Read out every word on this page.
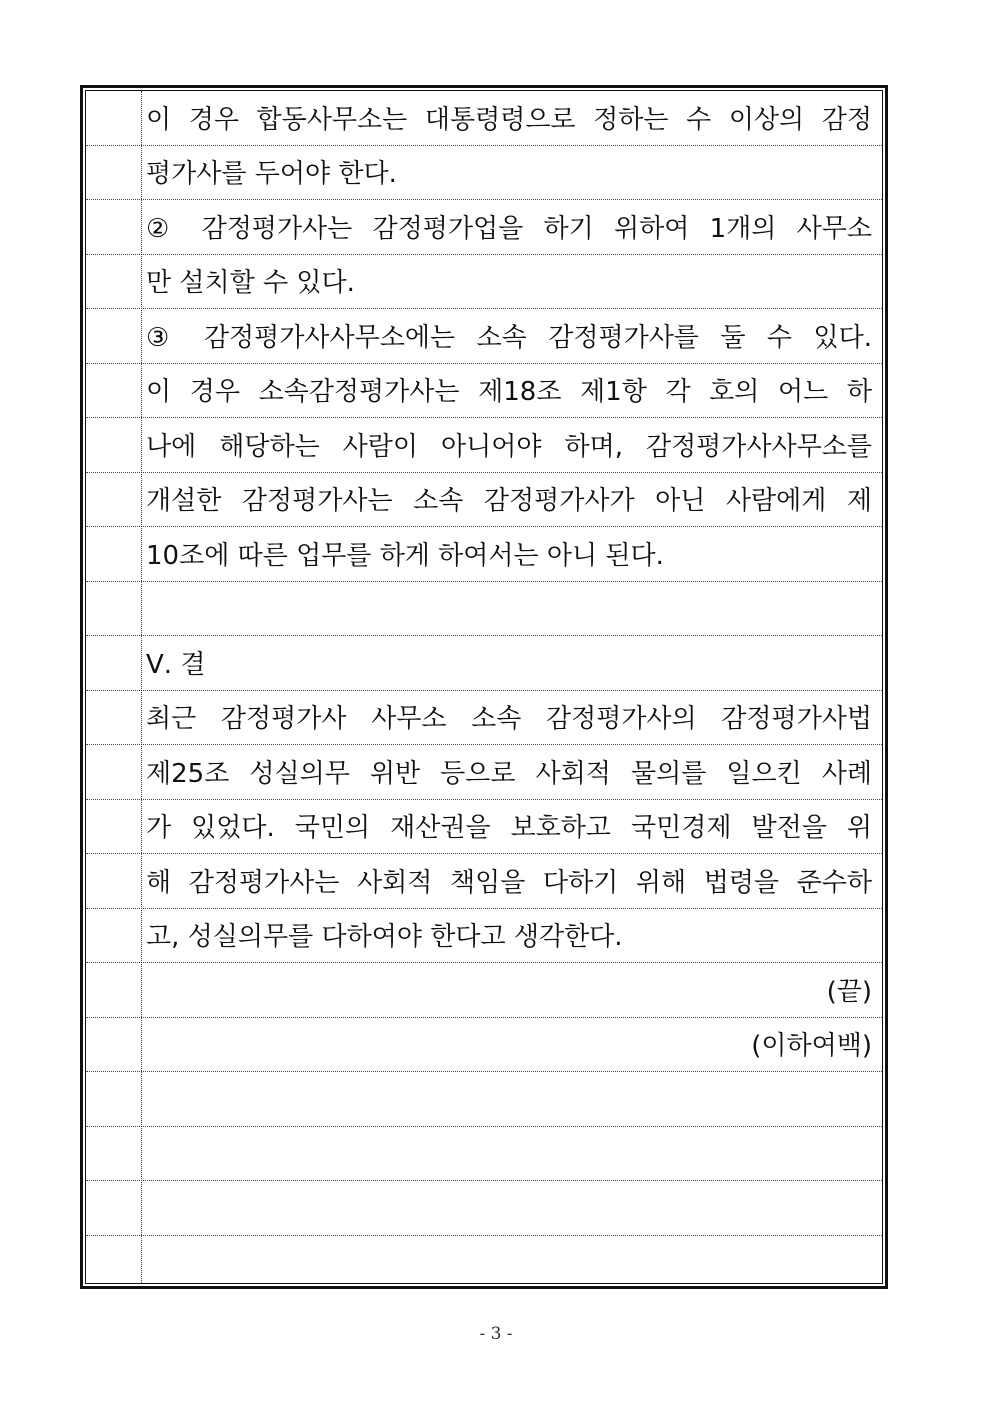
이 경우 합동사무소는 대통령령으로 정하는 수 이상의 감정
평가사를 두어야 한다.
② 감정평가사는 감정평가업을 하기 위하여 1개의 사무소
만 설치할 수 있다.
③ 감정평가사사무소에는 소속 감정평가사를 둘 수 있다.
이 경우 소속감정평가사는 제18조 제1항 각 호의 어느 하
나에 해당하는 사람이 아니어야 하며, 감정평가사사무소를
개설한 감정평가사는 소속 감정평가사가 아닌 사람에게 제
10조에 따른 업무를 하게 하여서는 아니 된다.
Ⅴ. 결
최근 감정평가사 사무소 소속 감정평가사의 감정평가사법
제25조 성실의무 위반 등으로 사회적 물의를 일으킨 사례
가 있었다. 국민의 재산권을 보호하고 국민경제 발전을 위
해 감정평가사는 사회적 책임을 다하기 위해 법령을 준수하
고, 성실의무를 다하여야 한다고 생각한다.
(끝)
(이하여백)
- 3 -
